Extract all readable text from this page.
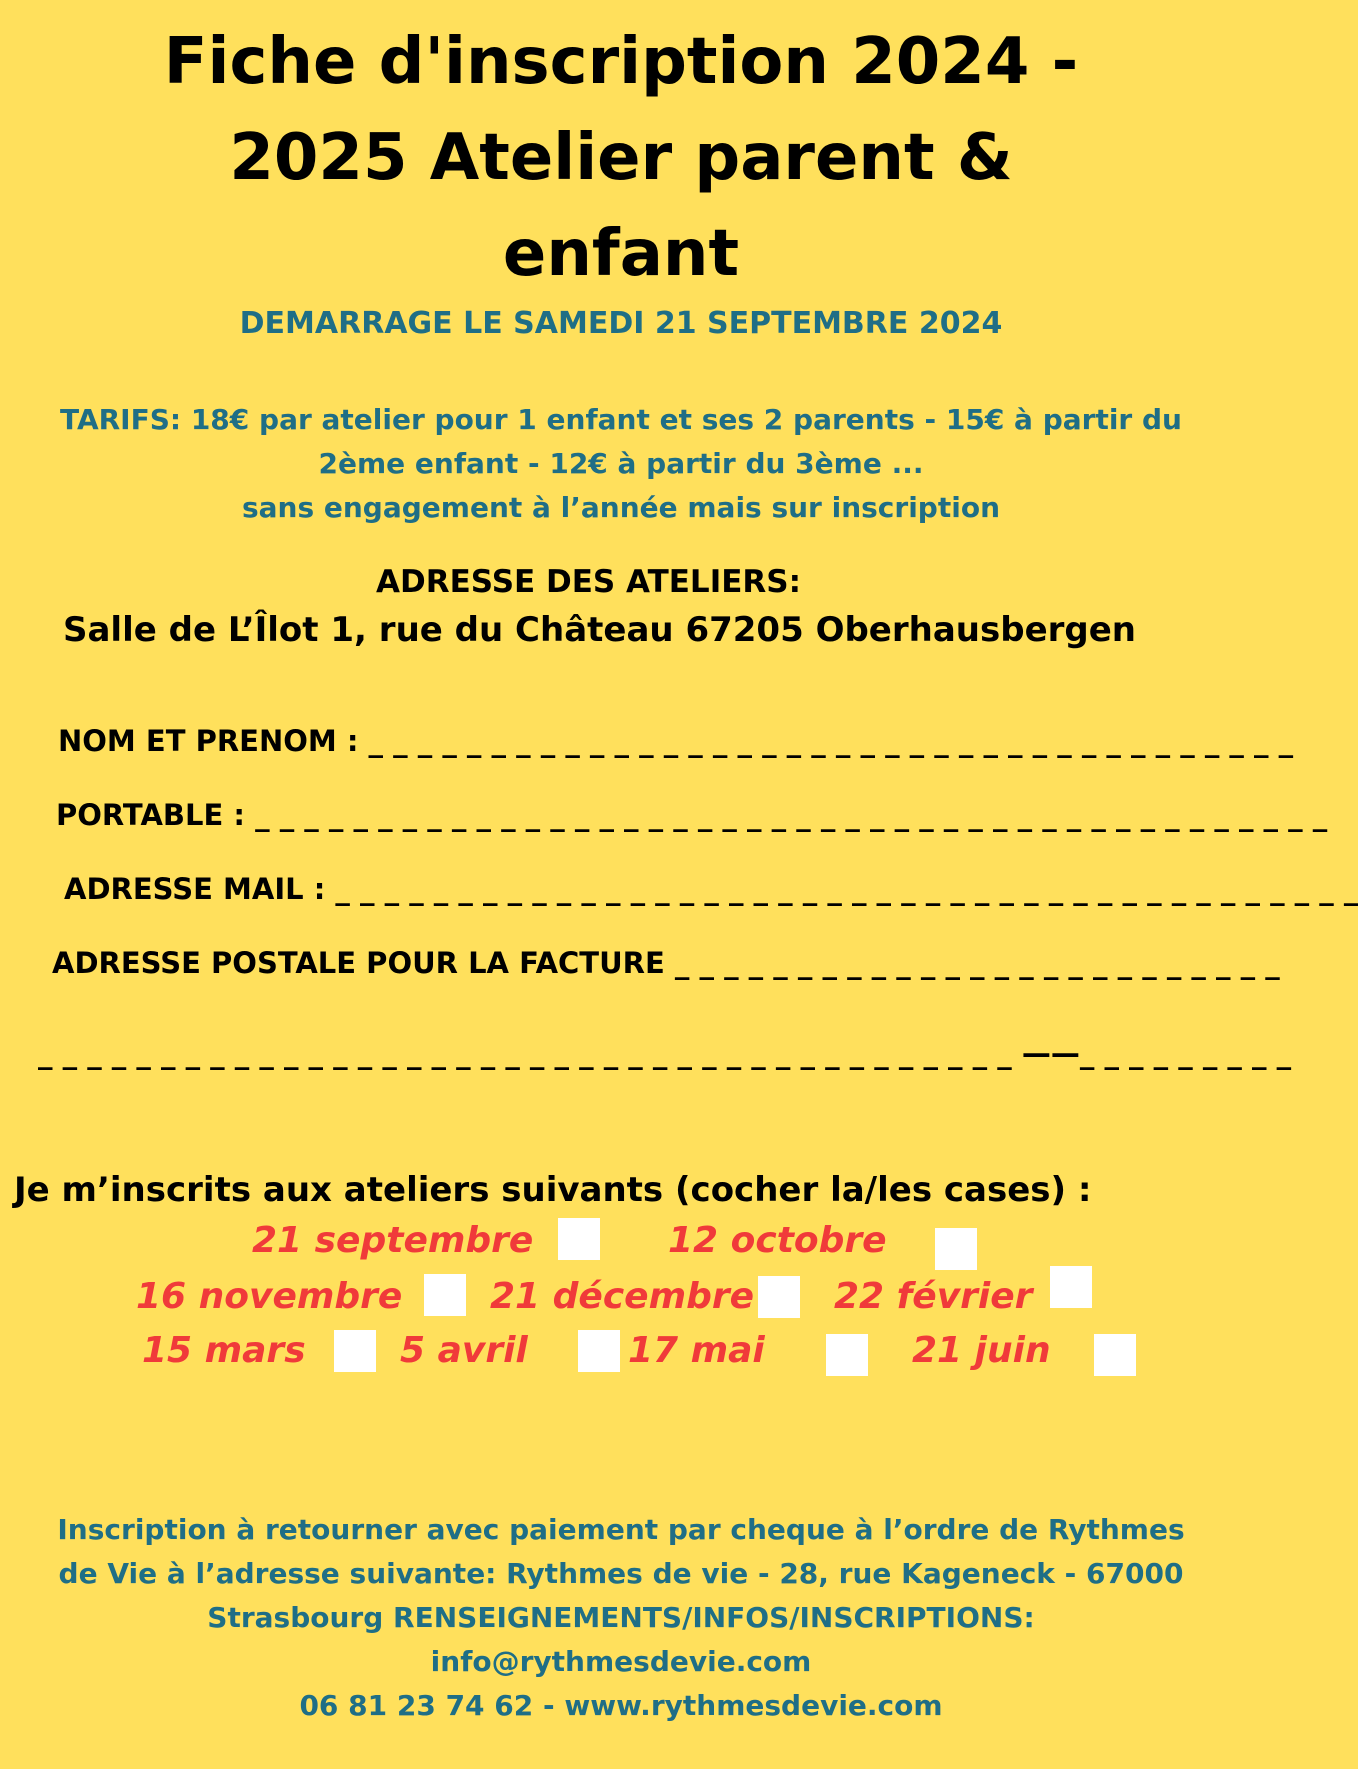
Fiche d'inscription 2024 -
2025 Atelier parent &
enfant
DEMARRAGE LE SAMEDI 21 SEPTEMBRE 2024
TARIFS: 18€ par atelier pour 1 enfant et ses 2 parents - 15€ à partir du
2ème enfant - 12€ à partir du 3ème ...
sans engagement à l’année mais sur inscription
ADRESSE DES ATELIERS:
Salle de L’Îlot 1, rue du Château 67205 Oberhausbergen
NOM ET PRENOM : _ _ _ _ _ _ _ _ _ _ _ _ _ _ _ _ _ _ _ _ _ _ _ _ _ _ _ _ _ _ _ _ _ _ _ _ _ _
PORTABLE : _ _ _ _ _ _ _ _ _ _ _ _ _ _ _ _ _ _ _ _ _ _ _ _ _ _ _ _ _ _ _ _ _ _ _ _ _ _ _ _ _ _ _ _
ADRESSE MAIL : _ _ _ _ _ _ _ _ _ _ _ _ _ _ _ _ _ _ _ _ _ _ _ _ _ _ _ _ _ _ _ _ _ _ _ _ _ _ _ _ _ _
ADRESSE POSTALE POUR LA FACTURE _ _ _ _ _ _ _ _ _ _ _ _ _ _ _ _ _ _ _ _ _ _ _ _ _
_ _ _ _ _ _ _ _ _ _ _ _ _ _ _ _ _ _ _ _ _ _ _ _ _ _ _ _ _ _ _ _ _ _ _ _ _ _ _ _ ——_ _ _ _ _ _ _ _ _
Je m’inscrits aux ateliers suivants (cocher la/les cases) :
21 septembre	12 octobre
16 novembre 21 décembre 22 février
15 mars	5 avril	17 mai	21 juin
Inscription à retourner avec paiement par cheque à l’ordre de Rythmes
de Vie à l’adresse suivante: Rythmes de vie - 28, rue Kageneck - 67000
Strasbourg RENSEIGNEMENTS/INFOS/INSCRIPTIONS:
info@rythmesdevie.com
06 81 23 74 62 - www.rythmesdevie.com
